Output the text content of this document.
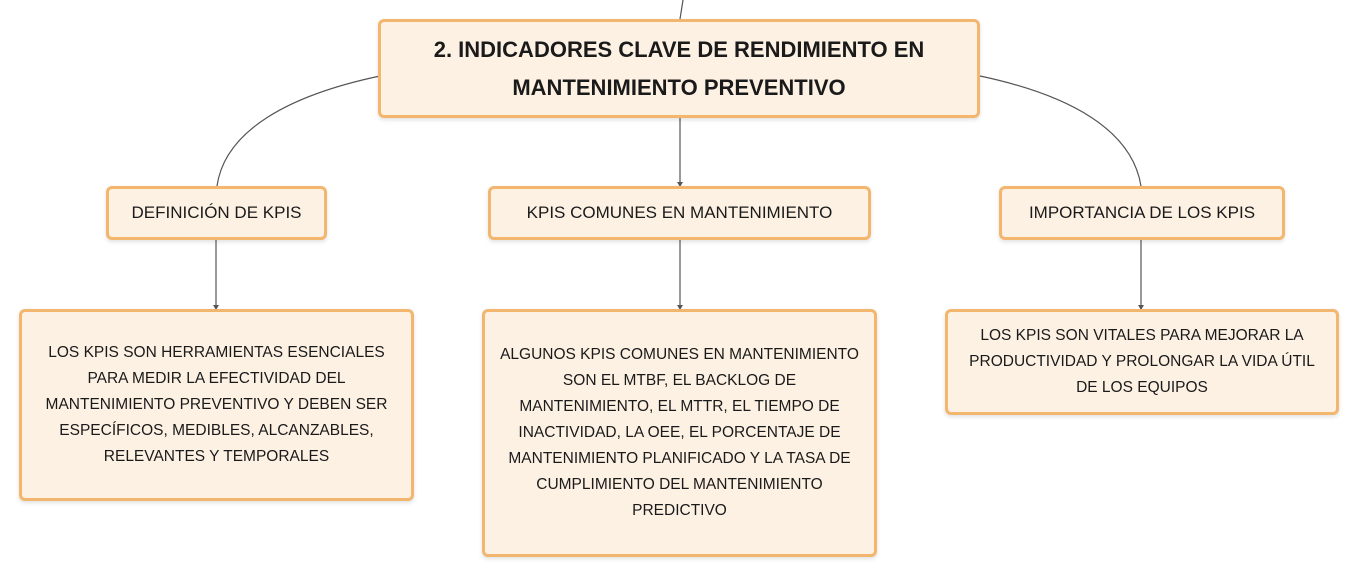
2. INDICADORES CLAVE DE RENDIMIENTO EN MANTENIMIENTO PREVENTIVO
DEFINICIÓN DE KPIS	KPIS COMUNES EN MANTENIMIENTO	IMPORTANCIA DE LOS KPIS
LOS KPIS SON HERRAMIENTAS ESENCIALES PARA MEDIR LA EFECTIVIDAD DEL MANTENIMIENTO PREVENTIVO Y DEBEN SER ESPECÍFICOS, MEDIBLES, ALCANZABLES, RELEVANTES Y TEMPORALES
ALGUNOS KPIS COMUNES EN MANTENIMIENTO SON EL MTBF, EL BACKLOG DE MANTENIMIENTO, EL MTTR, EL TIEMPO DE INACTIVIDAD, LA OEE, EL PORCENTAJE DE MANTENIMIENTO PLANIFICADO Y LA TASA DE CUMPLIMIENTO DEL MANTENIMIENTO PREDICTIVO
LOS KPIS SON VITALES PARA MEJORAR LA PRODUCTIVIDAD Y PROLONGAR LA VIDA ÚTIL DE LOS EQUIPOS
